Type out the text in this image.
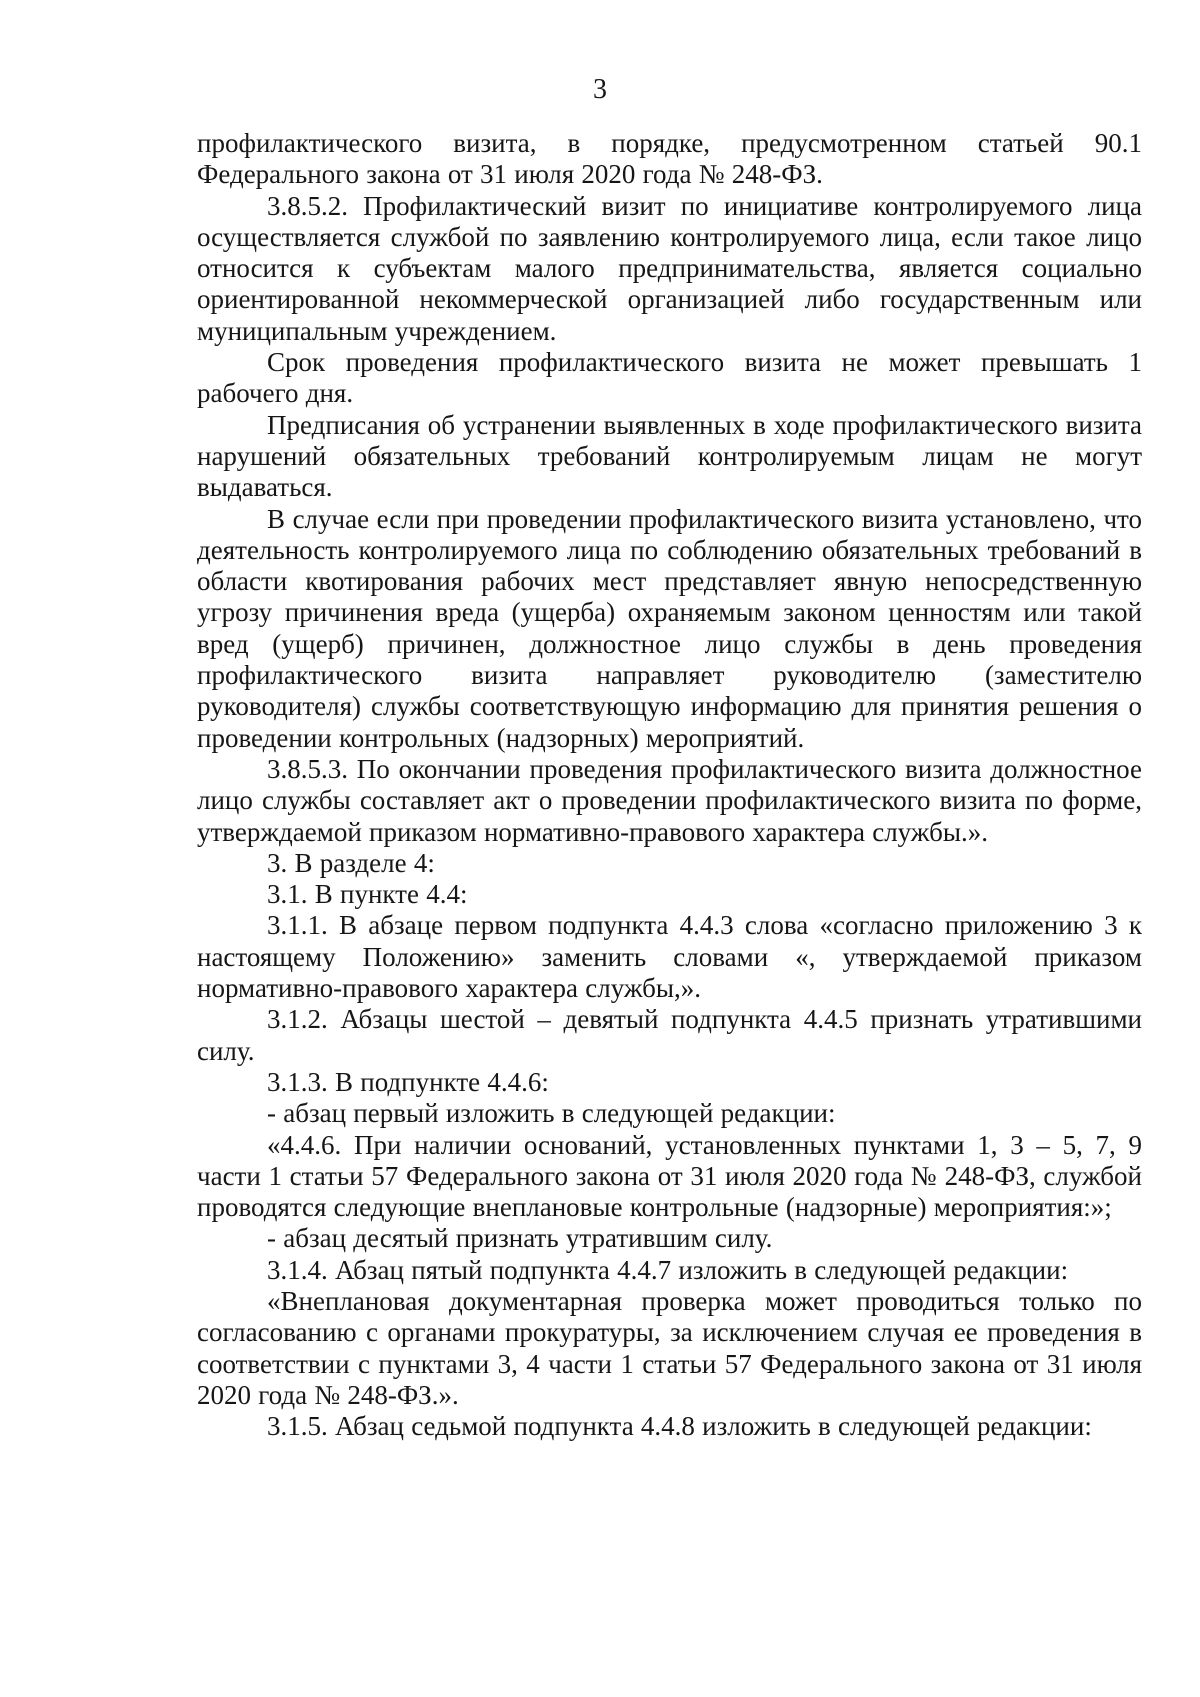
3

профилактического визита, в порядке, предусмотренном статьей 90.1 Федерального закона от 31 июля 2020 года № 248-ФЗ.

3.8.5.2. Профилактический визит по инициативе контролируемого лица осуществляется службой по заявлению контролируемого лица, если такое лицо относится к субъектам малого предпринимательства, является социально ориентированной некоммерческой организацией либо государственным или муниципальным учреждением.

Срок проведения профилактического визита не может превышать 1 рабочего дня.

Предписания об устранении выявленных в ходе профилактического визита нарушений обязательных требований контролируемым лицам не могут выдаваться.

В случае если при проведении профилактического визита установлено, что деятельность контролируемого лица по соблюдению обязательных требований в области квотирования рабочих мест представляет явную непосредственную угрозу причинения вреда (ущерба) охраняемым законом ценностям или такой вред (ущерб) причинен, должностное лицо службы в день проведения профилактического визита направляет руководителю (заместителю руководителя) службы соответствующую информацию для принятия решения о проведении контрольных (надзорных) мероприятий.

3.8.5.3. По окончании проведения профилактического визита должностное лицо службы составляет акт о проведении профилактического визита по форме, утверждаемой приказом нормативно-правового характера службы.».

3. В разделе 4:

3.1. В пункте 4.4:

3.1.1. В абзаце первом подпункта 4.4.3 слова «согласно приложению 3 к настоящему Положению» заменить словами «, утверждаемой приказом нормативно-правового характера службы,».

3.1.2. Абзацы шестой – девятый подпункта 4.4.5 признать утратившими силу.

3.1.3. В подпункте 4.4.6:

- абзац первый изложить в следующей редакции:

«4.4.6. При наличии оснований, установленных пунктами 1, 3 – 5, 7, 9 части 1 статьи 57 Федерального закона от 31 июля 2020 года № 248-ФЗ, службой проводятся следующие внеплановые контрольные (надзорные) мероприятия:»;

- абзац десятый признать утратившим силу.

3.1.4. Абзац пятый подпункта 4.4.7 изложить в следующей редакции:

«Внеплановая документарная проверка может проводиться только по согласованию с органами прокуратуры, за исключением случая ее проведения в соответствии с пунктами 3, 4 части 1 статьи 57 Федерального закона от 31 июля 2020 года № 248-ФЗ.».

3.1.5. Абзац седьмой подпункта 4.4.8 изложить в следующей редакции:
